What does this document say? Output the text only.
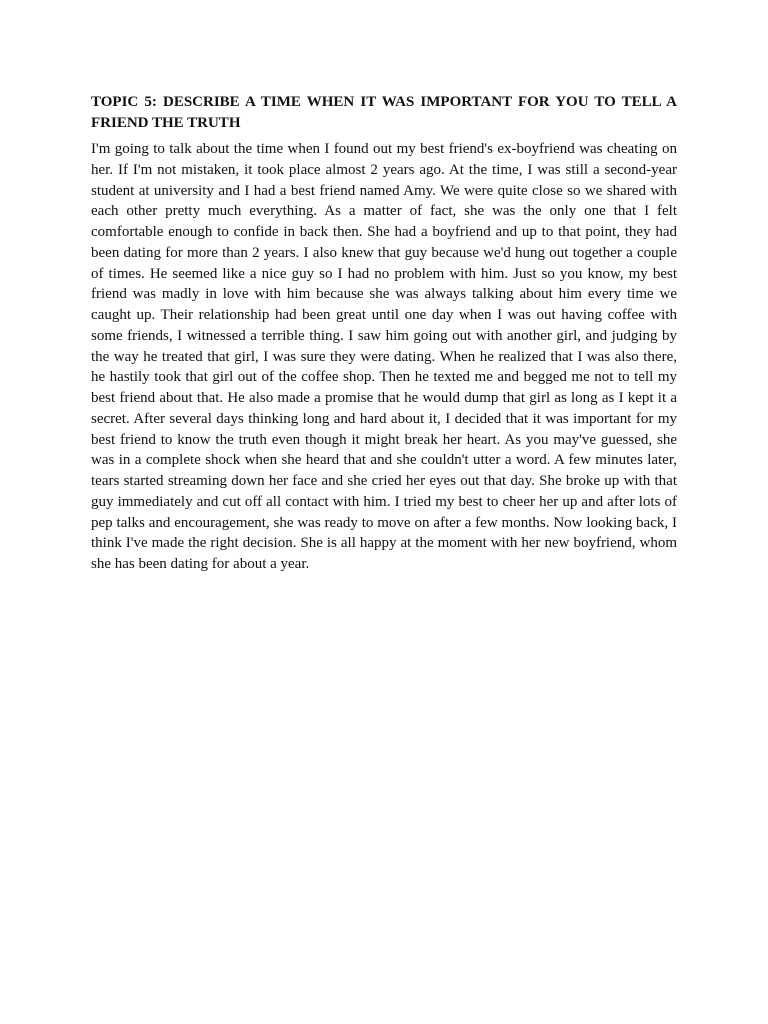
TOPIC 5: DESCRIBE A TIME WHEN IT WAS IMPORTANT FOR YOU TO TELL A FRIEND THE TRUTH

I'm going to talk about the time when I found out my best friend's ex-boyfriend was cheating on her. If I'm not mistaken, it took place almost 2 years ago. At the time, I was still a second-year student at university and I had a best friend named Amy. We were quite close so we shared with each other pretty much everything. As a matter of fact, she was the only one that I felt comfortable enough to confide in back then. She had a boyfriend and up to that point, they had been dating for more than 2 years. I also knew that guy because we'd hung out together a couple of times. He seemed like a nice guy so I had no problem with him. Just so you know, my best friend was madly in love with him because she was always talking about him every time we caught up. Their relationship had been great until one day when I was out having coffee with some friends, I witnessed a terrible thing. I saw him going out with another girl, and judging by the way he treated that girl, I was sure they were dating. When he realized that I was also there, he hastily took that girl out of the coffee shop. Then he texted me and begged me not to tell my best friend about that. He also made a promise that he would dump that girl as long as I kept it a secret. After several days thinking long and hard about it, I decided that it was important for my best friend to know the truth even though it might break her heart. As you may've guessed, she was in a complete shock when she heard that and she couldn't utter a word. A few minutes later, tears started streaming down her face and she cried her eyes out that day. She broke up with that guy immediately and cut off all contact with him. I tried my best to cheer her up and after lots of pep talks and encouragement, she was ready to move on after a few months. Now looking back, I think I've made the right decision. She is all happy at the moment with her new boyfriend, whom she has been dating for about a year.
